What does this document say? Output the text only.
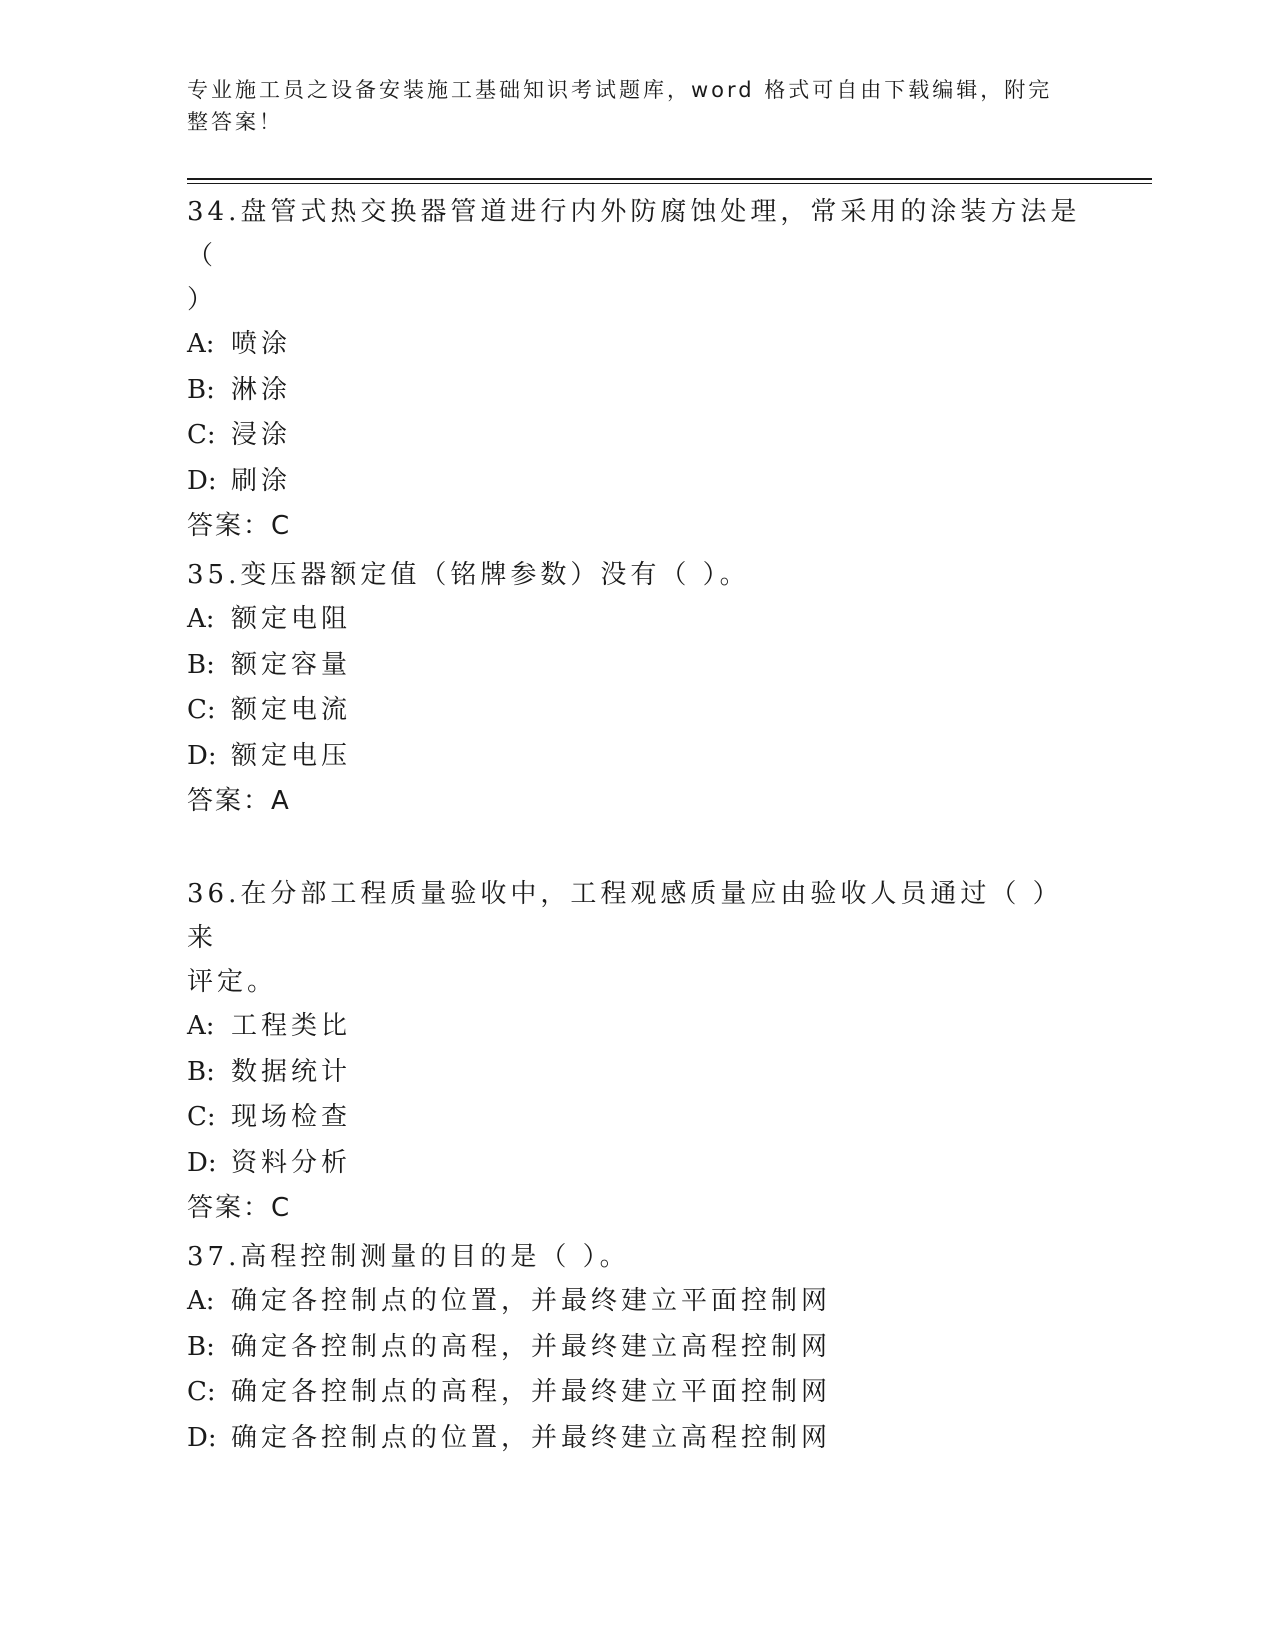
专业施工员之设备安装施工基础知识考试题库，word 格式可自由下载编辑，附完
整答案！
34.盘管式热交换器管道进行内外防腐蚀处理，常采用的涂装方法是（
）
A: 喷涂
B: 淋涂
C: 浸涂
D: 刷涂
答案：C
35.变压器额定值（铭牌参数）没有（ ）。
A: 额定电阻
B: 额定容量
C: 额定电流
D: 额定电压
答案：A
36.在分部工程质量验收中，工程观感质量应由验收人员通过（ ）来
评定。
A: 工程类比
B: 数据统计
C: 现场检查
D: 资料分析
答案：C
37.高程控制测量的目的是（ ）。
A: 确定各控制点的位置，并最终建立平面控制网
B: 确定各控制点的高程，并最终建立高程控制网
C: 确定各控制点的高程，并最终建立平面控制网
D: 确定各控制点的位置，并最终建立高程控制网
